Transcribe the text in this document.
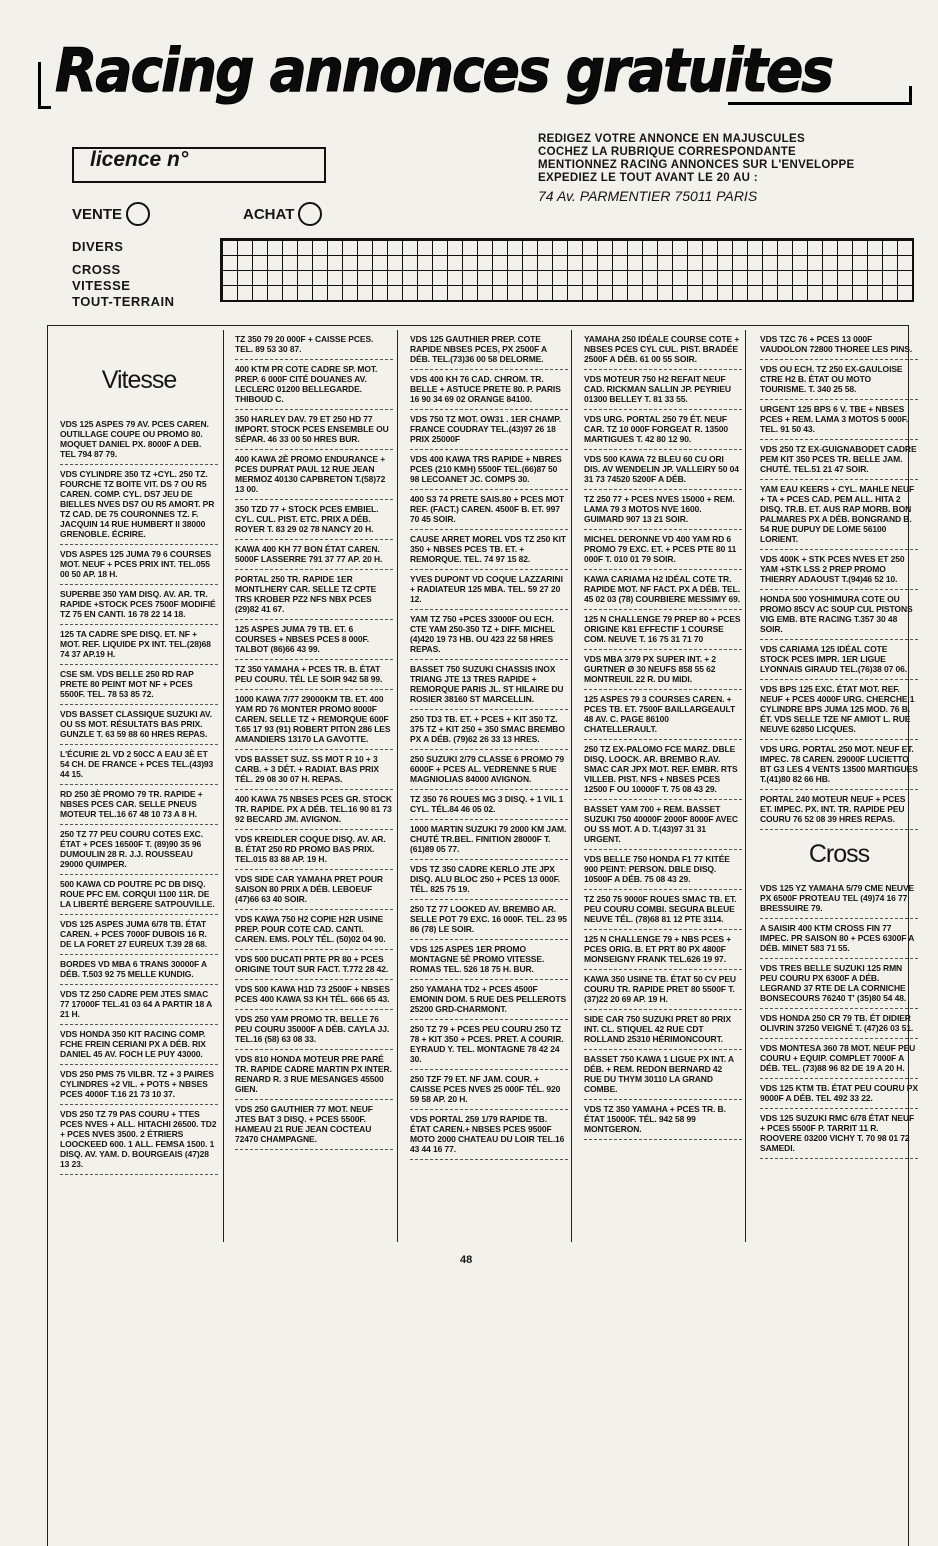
Racing annonces gratuites
licence n°
REDIGEZ VOTRE ANNONCE EN MAJUSCULES
COCHEZ LA RUBRIQUE CORRESPONDANTE
MENTIONNEZ RACING ANNONCES SUR L'ENVELOPPE
EXPEDIEZ LE TOUT AVANT LE 20 AU :
74 Av. PARMENTIER 75011 PARIS
VENTE	ACHAT
DIVERS
CROSS
VITESSE
TOUT-TERRAIN
Vitesse
VDS 125 ASPES 79 AV. PCES CAREN. OUTILLAGE COUPE OU PROMO 80. MOQUET DANIEL PX. 8000F A DEB. TEL 794 87 79.
VDS CYLINDRE 350 TZ +CYL. 250 TZ. FOURCHE TZ BOITE VIT. DS 7 OU R5 CAREN. COMP. CYL. DS7 JEU DE BIELLES NVES DS7 OU R5 AMORT. PR TZ CAD. DE 75 COURONNES TZ. F. JACQUIN 14 RUE HUMBERT II 38000 GRENOBLE. ÉCRIRE.
VDS ASPES 125 JUMA 79 6 COURSES MOT. NEUF + PCES PRIX INT. TEL.055 00 50 AP. 18 H.
SUPERBE 350 YAM DISQ. AV. AR. TR. RAPIDE +STOCK PCES 7500F MODIFIÉ TZ 75 EN CANTI. 16 78 22 14 18.
125 TA CADRE SPE DISQ. ET. NF + MOT. REF. LIQUIDE PX INT. TEL.(28)68 74 37 AP.19 H.
CSE SM. VDS BELLE 250 RD RAP PRETE 80 PEINT MOT NF + PCES 5500F. TEL. 78 53 85 72.
VDS BASSET CLASSIQUE SUZUKI AV. OU SS MOT. RÉSULTATS BAS PRIX. GUNZLE T. 63 59 88 60 HRES REPAS.
L'ÉCURIE 2L VD 2 50CC A EAU 3È ET 54 CH. DE FRANCE + PCES TEL.(43)93 44 15.
RD 250 3È PROMO 79 TR. RAPIDE + NBSES PCES CAR. SELLE PNEUS MOTEUR TEL.16 67 48 10 73 A 8 H.
250 TZ 77 PEU COURU COTES EXC. ÉTAT + PCES 16500F T. (89)90 35 96 DUMOULIN 28 R. J.J. ROUSSEAU 29000 QUIMPER.
500 KAWA CD POUTRE PC DB DISQ. ROUE PFC EM. CORQUI 1100 11R. DE LA LIBERTÉ BERGERE SATPOUVILLE.
VDS 125 ASPES JUMA 6/78 TB. ÉTAT CAREN. + PCES 7000F DUBOIS 16 R. DE LA FORET 27 EUREUX T.39 28 68.
BORDES VD MBA 6 TRANS 30000F A DÉB. T.503 92 75 MELLE KUNDIG.
VDS TZ 250 CADRE PEM JTES SMAC 77 17000F TEL.41 03 64 A PARTIR 18 A 21 H.
VDS HONDA 350 KIT RACING COMP. FCHE FREIN CERIANI PX A DÉB. RIX DANIEL 45 AV. FOCH LE PUY 43000.
VDS 250 PMS 75 VILBR. TZ + 3 PAIRES CYLINDRES +2 VIL. + POTS + NBSES PCES 4000F T.16 21 73 10 37.
VDS 250 TZ 79 PAS COURU + TTES PCES NVES + ALL. HITACHI 26500. TD2 + PCES NVES 3500. 2 ÉTRIERS LOOCKEED 600. 1 ALL. FEMSA 1500. 1 DISQ. AV. YAM. D. BOURGEAIS (47)28 13 23.
TZ 350 79 20 000F + CAISSE PCES. TEL. 89 53 30 87.
400 KTM PR COTE CADRE SP. MOT. PREP. 6 000F CITÉ DOUANES AV. LECLERC 01200 BELLEGARDE. THIBOUD C.
350 HARLEY DAV. 79 ET 250 HD 77 IMPORT. STOCK PCES ENSEMBLE OU SÉPAR. 46 33 00 50 HRES BUR.
400 KAWA 2È PROMO ENDURANCE + PCES DUPRAT PAUL 12 RUE JEAN MERMOZ 40130 CAPBRETON T.(58)72 13 00.
350 TZD 77 + STOCK PCES EMBIEL. CYL. CUL. PIST. ETC. PRIX A DÉB. ROYER T. 83 29 02 78 NANCY 20 H.
KAWA 400 KH 77 BON ÉTAT CAREN. 5000F LASSERRE 791 37 77 AP. 20 H.
PORTAL 250 TR. RAPIDE 1ER MONTLHERY CAR. SELLE TZ CPTE TRS KROBER PZ2 NFS NBX PCES (29)82 41 67.
125 ASPES JUMA 79 TB. ET. 6 COURSES + NBSES PCES 8 000F. TALBOT (86)66 43 99.
TZ 350 YAMAHA + PCES TR. B. ÉTAT PEU COURU. TÉL LE SOIR 942 58 99.
1000 KAWA 7/77 29000KM TB. ET. 400 YAM RD 76 MONTER PROMO 8000F CAREN. SELLE TZ + REMORQUE 600F T.65 17 93 (91) ROBERT PITON 286 LES AMANDIERS 13170 LA GAVOTTE.
VDS BASSET SUZ. SS MOT R 10 + 3 CARB. + 3 DÉT. + RADIAT. BAS PRIX TÉL. 29 08 30 07 H. REPAS.
400 KAWA 75 NBSES PCES GR. STOCK TR. RAPIDE. PX A DÉB. TEL.16 90 81 73 92 BECARD JM. AVIGNON.
VDS KREIDLER COQUE DISQ. AV. AR. B. ÉTAT 250 RD PROMO BAS PRIX. TEL.015 83 88 AP. 19 H.
VDS SIDE CAR YAMAHA PRET POUR SAISON 80 PRIX A DÉB. LEBOEUF (47)66 63 40 SOIR.
VDS KAWA 750 H2 COPIE H2R USINE PREP. POUR COTE CAD. CANTI. CAREN. EMS. POLY TÉL. (50)02 04 90.
VDS 500 DUCATI PRTE PR 80 + PCES ORIGINE TOUT SUR FACT. T.772 28 42.
VDS 500 KAWA H1D 73 2500F + NBSES PCES 400 KAWA S3 KH TÉL. 666 65 43.
VDS 250 YAM PROMO TR. BELLE 76 PEU COURU 35000F A DÉB. CAYLA JJ. TEL.16 (58) 63 08 33.
VDS 810 HONDA MOTEUR PRE PARÉ TR. RAPIDE CADRE MARTIN PX INTER. RENARD R. 3 RUE MESANGES 45500 GIEN.
VDS 250 GAUTHIER 77 MOT. NEUF JTES BAT 3 DISQ. + PCES 5500F. HAMEAU 21 RUE JEAN COCTEAU 72470 CHAMPAGNE.
VDS 125 GAUTHIER PREP. COTE RAPIDE NBSES PCES, PX 2500F A DÉB. TEL.(73)36 00 58 DELORME.
VDS 400 KH 76 CAD. CHROM. TR. BELLE + ASTUCE PRETE 80. P. PARIS 16 90 34 69 02 ORANGE 84100.
VDS 750 TZ MOT. OW31 . 1ER CHAMP. FRANCE COUDRAY TEL.(43)97 26 18 PRIX 25000F
VDS 400 KAWA TRS RAPIDE + NBRES PCES (210 KMH) 5500F TEL.(66)87 50 98 LECOANET JC. COMPS 30.
400 S3 74 PRETE SAIS.80 + PCES MOT REF. (FACT.) CAREN. 4500F B. ET. 997 70 45 SOIR.
CAUSE ARRET MOREL VDS TZ 250 KIT 350 + NBSES PCES TB. ET. + REMORQUE. TEL. 74 97 15 82.
YVES DUPONT VD COQUE LAZZARINI + RADIATEUR 125 MBA. TEL. 59 27 20 12.
YAM TZ 750 +PCES 33000F OU ECH. CTE YAM 250-350 TZ + DIFF. MICHEL (4)420 19 73 HB. OU 423 22 58 HRES REPAS.
BASSET 750 SUZUKI CHASSIS INOX TRIANG JTE 13 TRES RAPIDE + REMORQUE PARIS JL. ST HILAIRE DU ROSIER 38160 ST MARCELLIN.
250 TD3 TB. ET. + PCES + KIT 350 TZ. 375 TZ + KIT 250 + 350 SMAC BREMBO PX A DÉB. (79)62 26 33 13 HRES.
250 SUZUKI 2/79 CLASSE 6 PROMO 79 6000F + PCES AL. VEDRENNE 5 RUE MAGNIOLIAS 84000 AVIGNON.
TZ 350 76 ROUES MG 3 DISQ. + 1 VIL 1 CYL. TÉL.84 46 05 02.
1000 MARTIN SUZUKI 79 2000 KM JAM. CHUTÉ TR.BEL. FINITION 28000F T.(61)89 05 77.
VDS TZ 350 CADRE KERLO JTE JPX DISQ. ALU BLOC 250 + PCES 13 000F. TÉL. 825 75 19.
250 TZ 77 LOOKED AV. BREMBO AR. SELLE POT 79 EXC. 16 000F. TEL. 23 95 86 (78) LE SOIR.
VDS 125 ASPES 1ER PROMO MONTAGNE 5È PROMO VITESSE. ROMAS TEL. 526 18 75 H. BUR.
250 YAMAHA TD2 + PCES 4500F EMONIN DOM. 5 RUE DES PELLEROTS 25200 GRD-CHARMONT.
250 TZ 79 + PCES PEU COURU 250 TZ 78 + KIT 350 + PCES. PRET. A COURIR. EYRAUD Y. TEL. MONTAGNE 78 42 24 30.
250 TZF 79 ET. NF JAM. COUR. + CAISSE PCES NVES 25 000F TÉL. 920 59 58 AP. 20 H.
VDS PORTAL 259 1/79 RAPIDE TB. ÉTAT CAREN.+ NBSES PCES 9500F MOTO 2000 CHATEAU DU LOIR TEL.16 43 44 16 77.
YAMAHA 250 IDÉALE COURSE COTE + NBSES PCES CYL CUL. PIST. BRADÉE 2500F A DÉB. 61 00 55 SOIR.
VDS MOTEUR 750 H2 REFAIT NEUF CAD. RICKMAN SALLIN JP. PEYRIEU 01300 BELLEY T. 81 33 55.
VDS URG. PORTAL 250 79 ÉT. NEUF CAR. TZ 10 000F FORGEAT R. 13500 MARTIGUES T. 42 80 12 90.
VDS 500 KAWA 72 BLEU 60 CU ORI DIS. AV WENDELIN JP. VALLEIRY 50 04 31 73 74520 5200F A DÉB.
TZ 250 77 + PCES NVES 15000 + REM. LAMA 79 3 MOTOS NVE 1600. GUIMARD 907 13 21 SOIR.
MICHEL DERONNE VD 400 YAM RD 6 PROMO 79 EXC. ET. + PCES PTE 80 11 000F T. 010 01 79 SOIR.
KAWA CARIAMA H2 IDÉAL COTE TR. RAPIDE MOT. NF FACT. PX A DÉB. TEL. 45 02 03 (78) COURBIERE MESSIMY 69.
125 N CHALLENGE 79 PREP 80 + PCES ORIGINE K81 EFFECTIF 1 COURSE COM. NEUVE T. 16 75 31 71 70
VDS MBA 3/79 PX SUPER INT. + 2 GURTNER Ø 30 NEUFS 858 55 62 MONTREUIL 22 R. DU MIDI.
125 ASPES 79 3 COURSES CAREN. + PCES TB. ET. 7500F BAILLARGEAULT 48 AV. C. PAGE 86100 CHATELLERAULT.
250 TZ EX-PALOMO FCE MARZ. DBLE DISQ. LOOCK. AR. BREMBO R.AV. SMAC CAR JPX MOT. REF. EMBR. RTS VILLEB. PIST. NFS + NBSES PCES 12500 F OU 10000F T. 75 08 43 29.
BASSET YAM 700 + REM. BASSET SUZUKI 750 40000F 2000F 8000F AVEC OU SS MOT. A D. T.(43)97 31 31 URGENT.
VDS BELLE 750 HONDA F1 77 KITÉE 900 PEINT: PERSON. DBLE DISQ. 10500F A DÉB. 75 08 43 29.
TZ 250 75 9000F ROUES SMAC TB. ET. PEU COURU COMBI. SEGURA BLEUE NEUVE TÉL. (78)68 81 12 PTE 3114.
125 N CHALLENGE 79 + NBS PCES + PCES ORIG. B. ET PRT 80 PX 4800F MONSEIGNY FRANK TEL.626 19 97.
KAWA 350 USINE TB. ÉTAT 50 CV PEU COURU TR. RAPIDE PRET 80 5500F T.(37)22 20 69 AP. 19 H.
SIDE CAR 750 SUZUKI PRET 80 PRIX INT. CL. STIQUEL 42 RUE CDT ROLLAND 25310 HÉRIMONCOURT.
BASSET 750 KAWA 1 LIGUE PX INT. A DÉB. + REM. REDON BERNARD 42 RUE DU THYM 30110 LA GRAND COMBE.
VDS TZ 350 YAMAHA + PCES TR. B. ÉTAT 15000F. TÉL. 942 58 99 MONTGERON.
VDS TZC 76 + PCES 13 000F VAUDOLON 72800 THOREE LES PINS.
VDS OU ECH. TZ 250 EX-GAULOISE CTRE H2 B. ÉTAT OU MOTO TOURISME. T. 340 25 58.
URGENT 125 BPS 6 V. TBE + NBSES PCES + REM. LAMA 3 MOTOS 5 000F. TEL. 91 50 43.
VDS 250 TZ EX-GUIGNABODET CADRE PEM KIT 350 PCES TR. BELLE JAM. CHUTÉ. TEL.51 21 47 SOIR.
YAM EAU KEERS + CYL. MAHLE NEUF + TA + PCES CAD. PEM ALL. HITA 2 DISQ. TR.B. ET. AUS RAP MORB. BON PALMARES PX A DÉB. BONGRAND B. 54 RUE DUPUY DE LOME 56100 LORIENT.
VDS 400K + STK PCES NVES ET 250 YAM +STK LSS 2 PREP PROMO THIERRY ADAOUST T.(94)46 52 10.
HONDA 500 YOSHIMURA COTE OU PROMO 85CV AC SOUP CUL PISTONS VIG EMB. BTE RACING T.357 30 48 SOIR.
VDS CARIAMA 125 IDÉAL COTE STOCK PCES IMPR. 1ER LIGUE LYONNAIS GIRAUD TEL.(76)38 07 06.
VDS BPS 125 EXC. ÉTAT MOT. REF. NEUF + PCES 4000F URG. CHERCHE 1 CYLINDRE BPS JUMA 125 MOD. 76 B. ÉT. VDS SELLE TZE NF AMIOT L. RUE NEUVE 62850 LICQUES.
VDS URG. PORTAL 250 MOT. NEUF ET. IMPEC. 78 CAREN. 29000F LUCIETTO BT G3 LES 4 VENTS 13500 MARTIGUES T.(41)80 82 66 HB.
PORTAL 240 MOTEUR NEUF + PCES ET. IMPEC. PX. INT. TR. RAPIDE PEU COURU 76 52 08 39 HRES REPAS.
Cross
VDS 125 YZ YAMAHA 5/79 CME NEUVE PX 6500F PROTEAU TEL (49)74 16 77 BRESSUIRE 79.
A SAISIR 400 KTM CROSS FIN 77 IMPEC. PR SAISON 80 + PCES 6300F A DÉB. MINET 583 71 55.
VDS TRES BELLE SUZUKI 125 RMN PEU COURU PX 6300F A DÉB. LEGRAND 37 RTE DE LA CORNICHE BONSECOURS 76240 T' (35)80 54 48.
VDS HONDA 250 CR 79 TB. ÉT DIDIER OLIVRIN 37250 VEIGNÉ T. (47)26 03 51.
VDS MONTESA 360 78 MOT. NEUF PEU COURU + EQUIP. COMPLET 7000F A DÉB. TEL. (73)88 96 82 DE 19 A 20 H.
VDS 125 KTM TB. ÉTAT PEU COURU PX 9000F A DÉB. TEL 492 33 22.
VDS 125 SUZUKI RMC 6/78 ÉTAT NEUF + PCES 5500F P. TARRIT 11 R. ROOVERE 03200 VICHY T. 70 98 01 72 SAMEDI.
48
